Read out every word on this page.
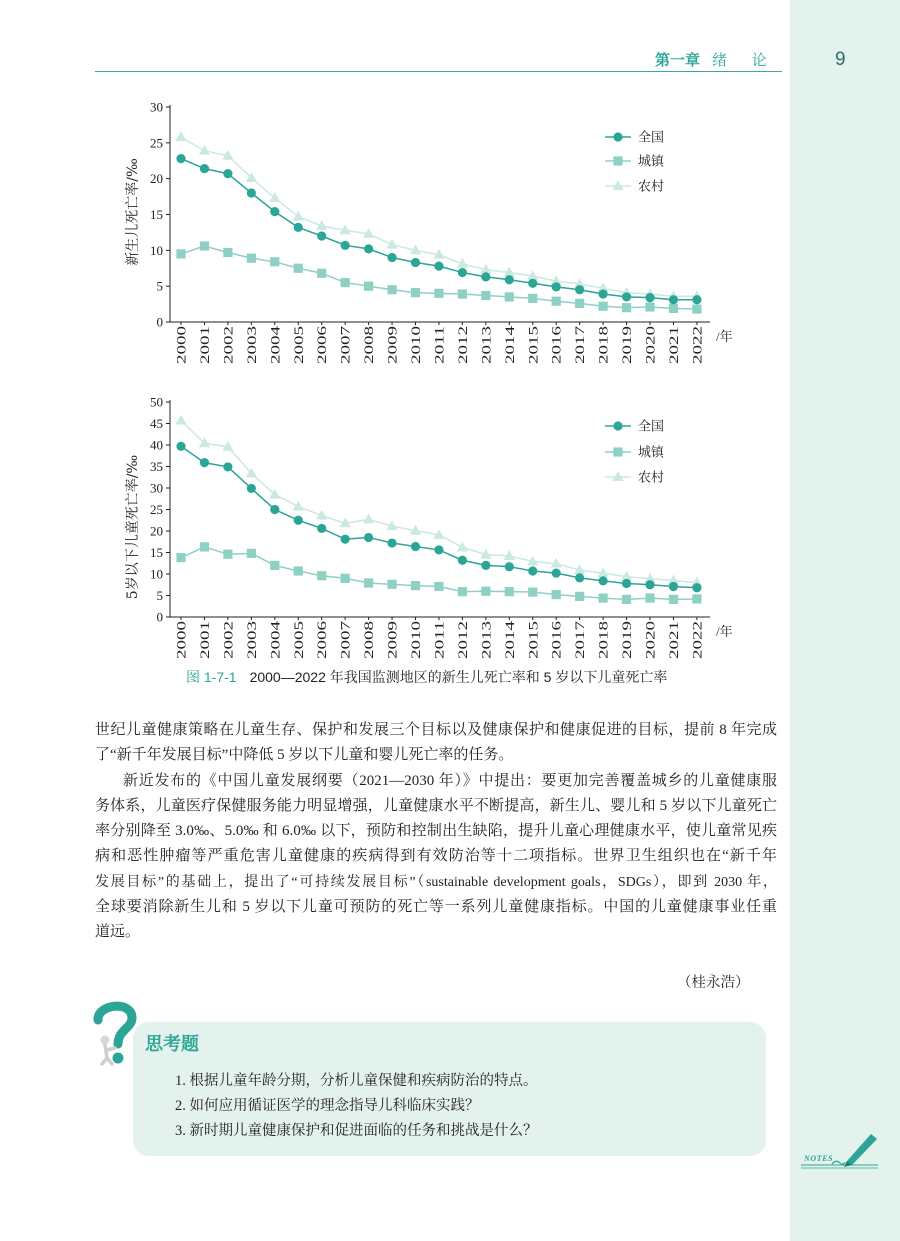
第一章 绪 论	9
0
5
10
15
20
25
30
2000 2001 2002 2003 2004 2005 2006 2007 2008 2009 2010 2011 2012 2013 2014 2015 2016 2017 2018 2019 2020 2021 2022
新生儿死亡率/‰
/年
全国
城镇
农村
0
5
10
15
20
25
30
35
40
45
50
2000 2001 2002 2003 2004 2005 2006 2007 2008 2009 2010 2011 2012 2013 2014 2015 2016 2017 2018 2019 2020 2021 2022
5岁以下儿童死亡率/‰
/年
全国
城镇
农村
图 1-7-1 2000—2022 年我国监测地区的新生儿死亡率和 5 岁以下儿童死亡率
世纪儿童健康策略在儿童生存、保护和发展三个目标以及健康保护和健康促进的目标，提前 8 年完成
了“新千年发展目标”中降低 5 岁以下儿童和婴儿死亡率的任务。
新近发布的《中国儿童发展纲要（2021—2030 年）》中提出：要更加完善覆盖城乡的儿童健康服
务体系，儿童医疗保健服务能力明显增强，儿童健康水平不断提高，新生儿、婴儿和 5 岁以下儿童死亡
率分别降至 3.0‰、5.0‰ 和 6.0‰ 以下，预防和控制出生缺陷，提升儿童心理健康水平，使儿童常见疾
病和恶性肿瘤等严重危害儿童健康的疾病得到有效防治等十二项指标。世界卫生组织也在“新千年
发展目标”的基础上，提出了“可持续发展目标”（sustainable development goals，SDGs），即到 2030 年，
全球要消除新生儿和 5 岁以下儿童可预防的死亡等一系列儿童健康指标。中国的儿童健康事业任重
道远。
（桂永浩）
思考题
1. 根据儿童年龄分期，分析儿童保健和疾病防治的特点。
2. 如何应用循证医学的理念指导儿科临床实践？
3. 新时期儿童健康保护和促进面临的任务和挑战是什么？
NOTES
